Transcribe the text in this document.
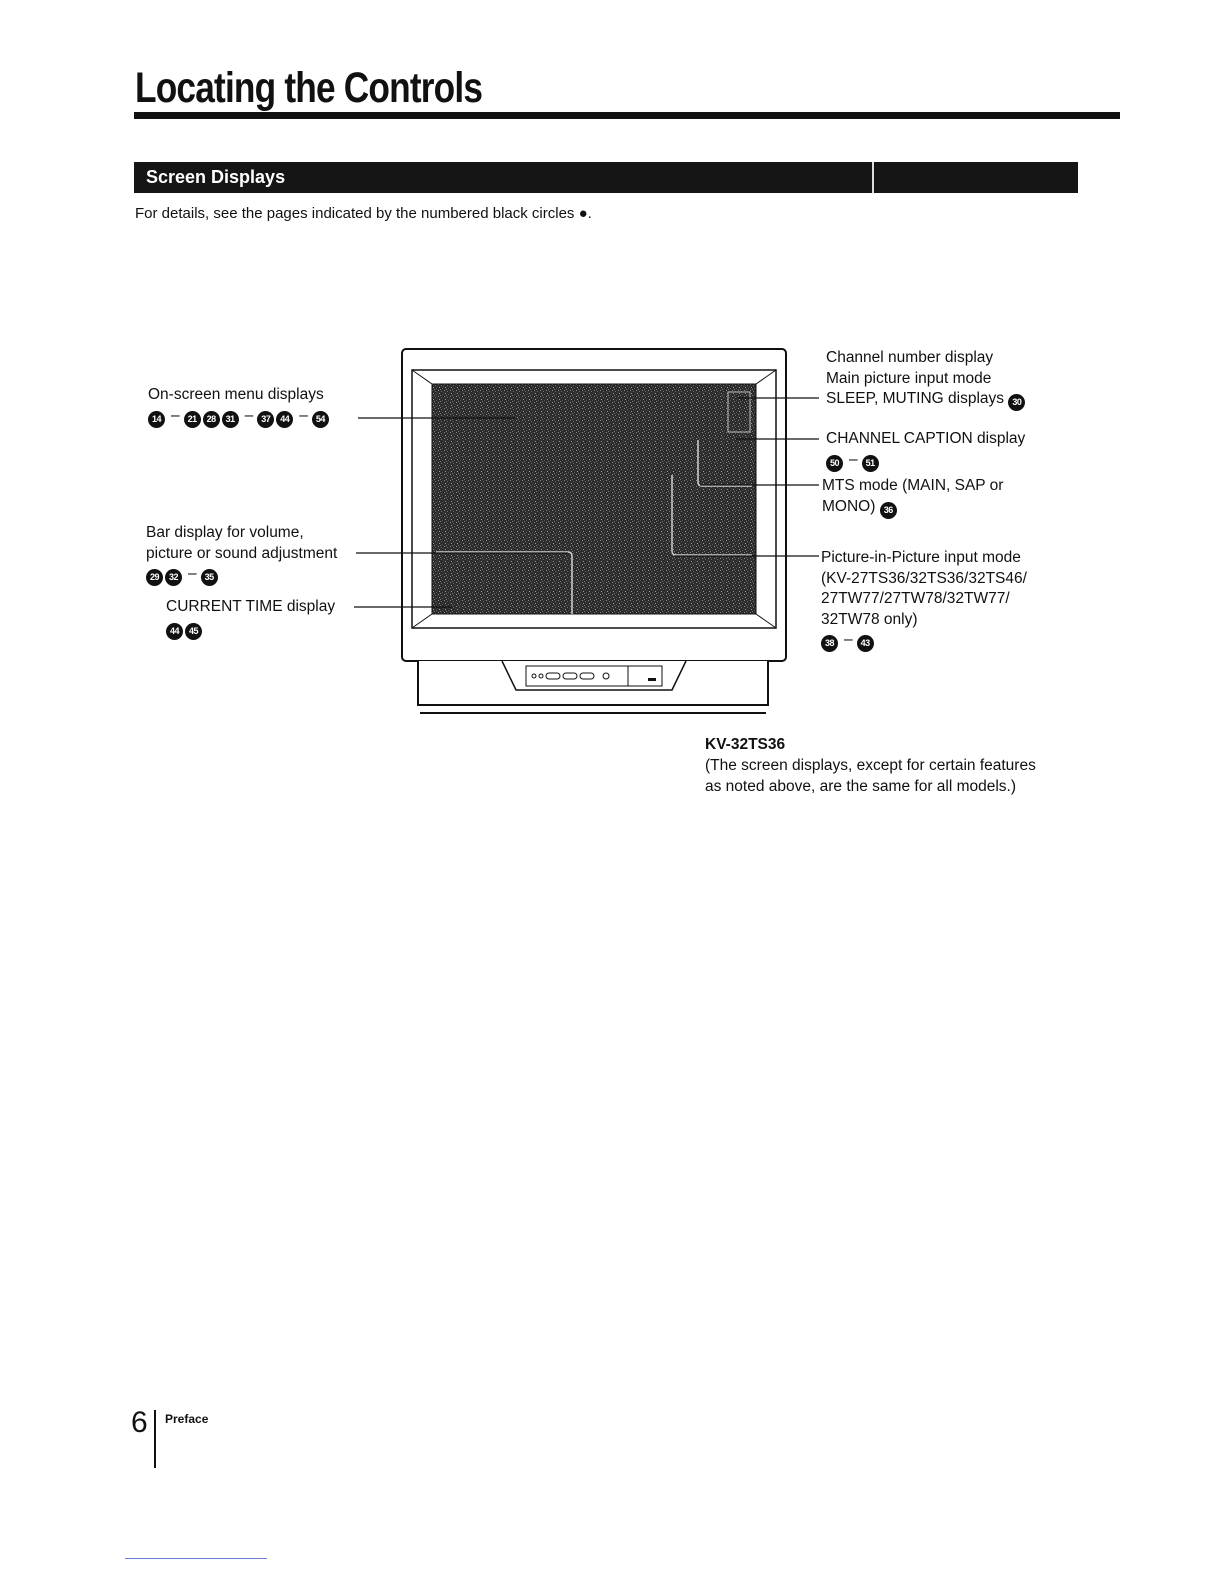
Locating the Controls
Screen Displays
For details, see the pages indicated by the numbered black circles ●.
On-screen menu displays
14 – 21 28 31 – 37 44 – 54
Bar display for volume,
picture or sound adjustment
29 32 – 35
CURRENT TIME display
44 45
Channel number display
Main picture input mode
SLEEP, MUTING displays 30
CHANNEL CAPTION display
50 – 51
MTS mode (MAIN, SAP or
MONO) 36
Picture-in-Picture input mode
(KV-27TS36/32TS36/32TS46/
27TW77/27TW78/32TW77/
32TW78 only)
38 – 43
KV-32TS36
(The screen displays, except for certain features
as noted above, are the same for all models.)
6 Preface
